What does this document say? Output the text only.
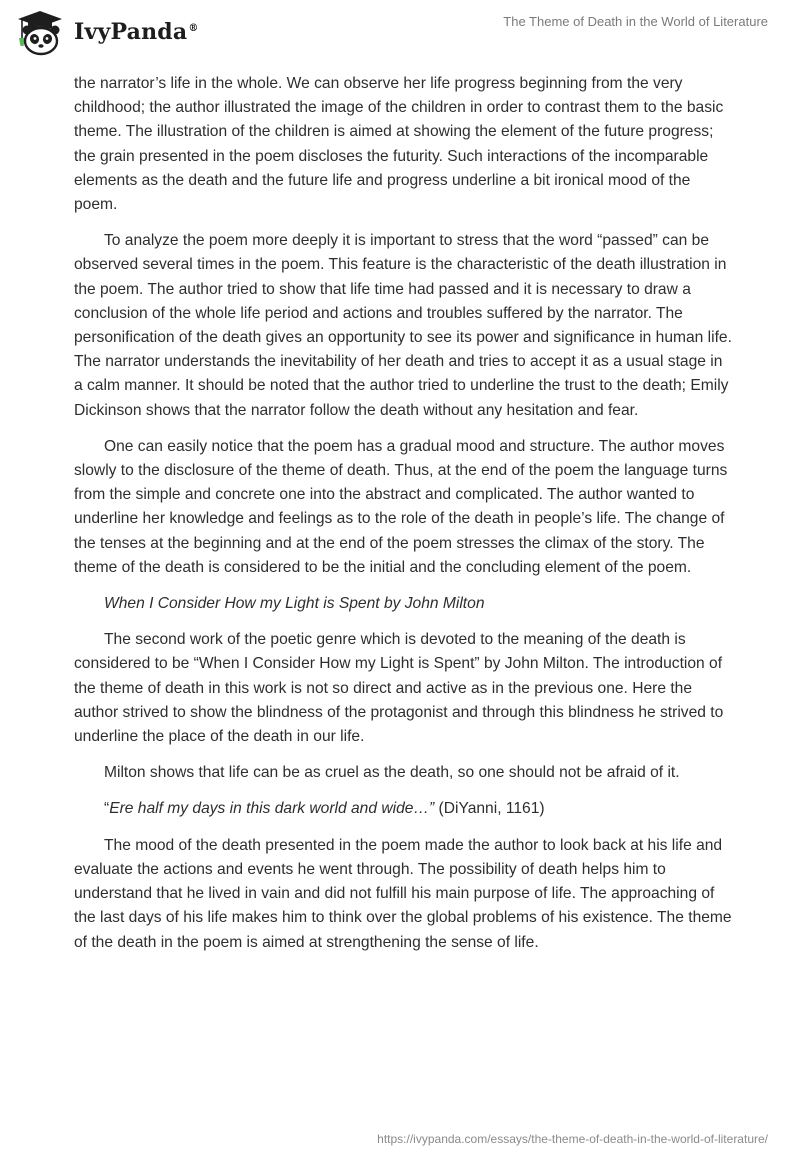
IvyPanda®	The Theme of Death in the World of Literature

the narrator’s life in the whole. We can observe her life progress beginning from the very childhood; the author illustrated the image of the children in order to contrast them to the basic theme. The illustration of the children is aimed at showing the element of the future progress; the grain presented in the poem discloses the futurity. Such interactions of the incomparable elements as the death and the future life and progress underline a bit ironical mood of the poem.

To analyze the poem more deeply it is important to stress that the word “passed” can be observed several times in the poem. This feature is the characteristic of the death illustration in the poem. The author tried to show that life time had passed and it is necessary to draw a conclusion of the whole life period and actions and troubles suffered by the narrator. The personification of the death gives an opportunity to see its power and significance in human life. The narrator understands the inevitability of her death and tries to accept it as a usual stage in a calm manner. It should be noted that the author tried to underline the trust to the death; Emily Dickinson shows that the narrator follow the death without any hesitation and fear.

One can easily notice that the poem has a gradual mood and structure. The author moves slowly to the disclosure of the theme of death. Thus, at the end of the poem the language turns from the simple and concrete one into the abstract and complicated. The author wanted to underline her knowledge and feelings as to the role of the death in people’s life. The change of the tenses at the beginning and at the end of the poem stresses the climax of the story. The theme of the death is considered to be the initial and the concluding element of the poem.

When I Consider How my Light is Spent by John Milton

The second work of the poetic genre which is devoted to the meaning of the death is considered to be “When I Consider How my Light is Spent” by John Milton. The introduction of the theme of death in this work is not so direct and active as in the previous one. Here the author strived to show the blindness of the protagonist and through this blindness he strived to underline the place of the death in our life.

Milton shows that life can be as cruel as the death, so one should not be afraid of it.

“Ere half my days in this dark world and wide…” (DiYanni, 1161)

The mood of the death presented in the poem made the author to look back at his life and evaluate the actions and events he went through. The possibility of death helps him to understand that he lived in vain and did not fulfill his main purpose of life. The approaching of the last days of his life makes him to think over the global problems of his existence. The theme of the death in the poem is aimed at strengthening the sense of life.

https://ivypanda.com/essays/the-theme-of-death-in-the-world-of-literature/
